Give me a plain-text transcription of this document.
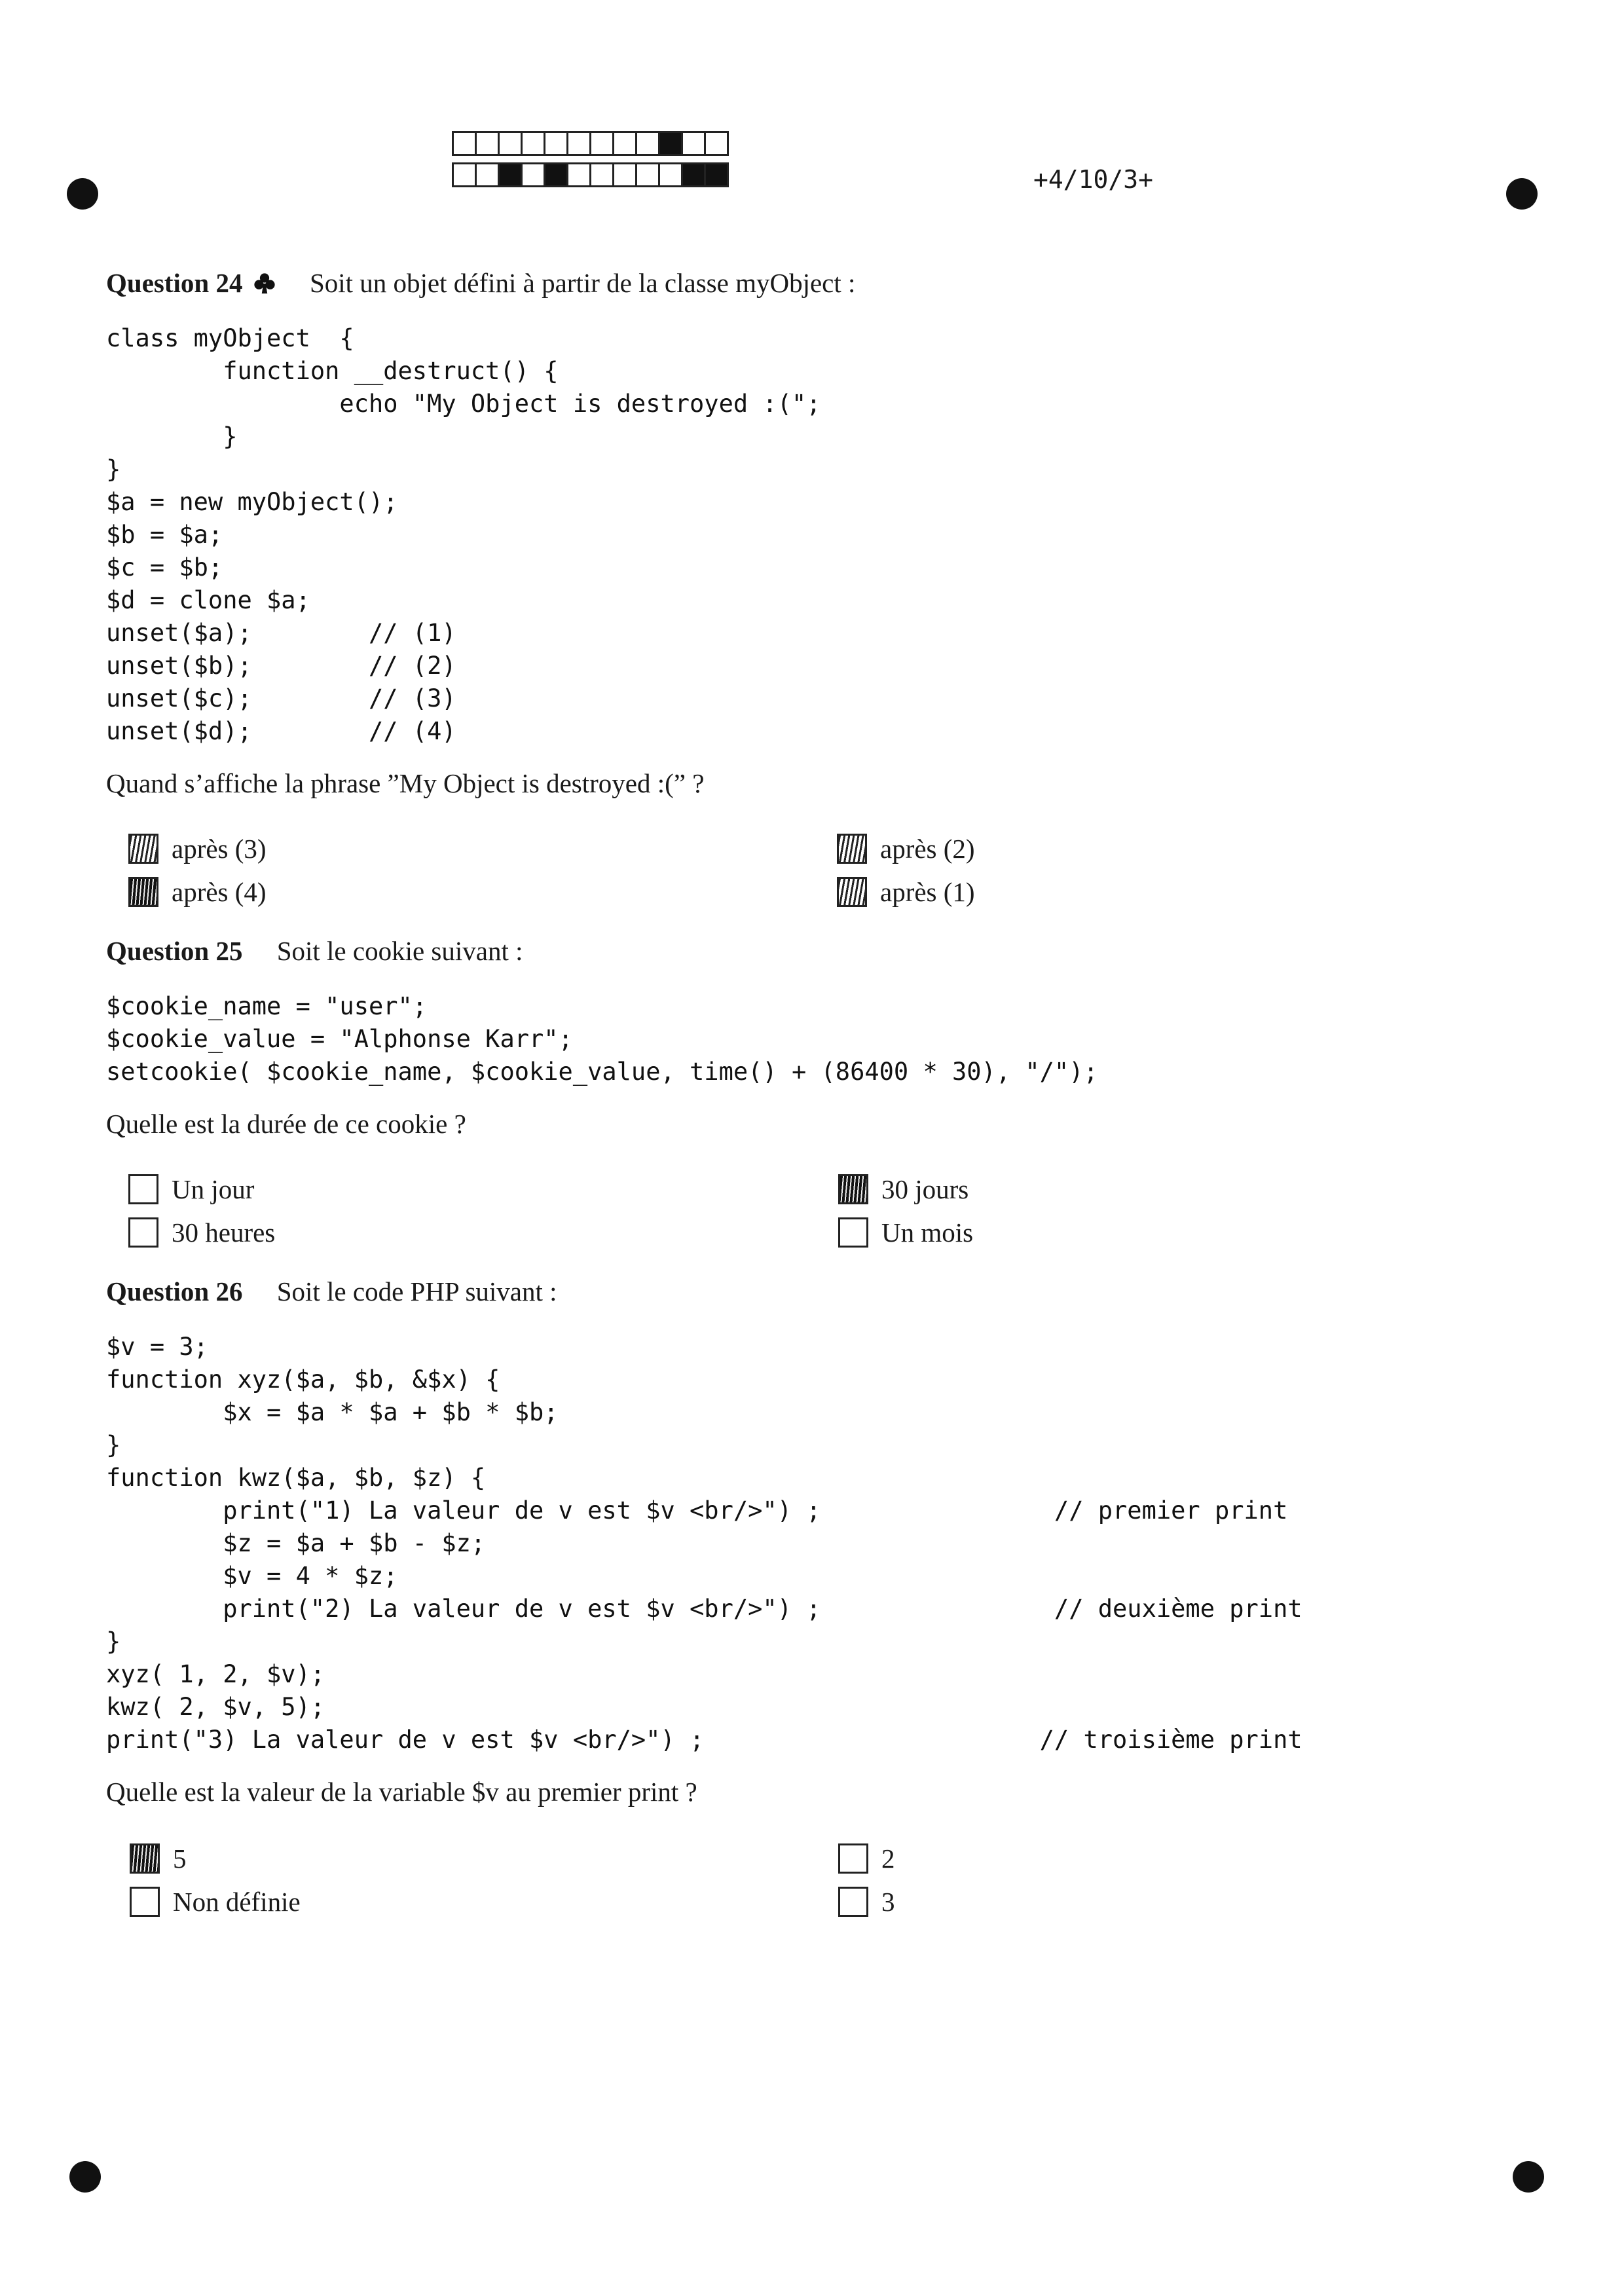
+4/10/3+
Question 24	Soit un objet défini à partir de la classe myObject :
class myObject  {
function __destruct() {
echo "My Object is destroyed :(";
}
}
$a = new myObject();
$b = $a;
$c = $b;
$d = clone $a;
unset($a);        // (1)
unset($b);        // (2)
unset($c);        // (3)
unset($d);        // (4)
Quand s’affiche la phrase ”My Object is destroyed :(” ?
après (3)	après (2)
après (4)	après (1)
Question 25 Soit le cookie suivant :
$cookie_name = "user";
$cookie_value = "Alphonse Karr";
setcookie( $cookie_name, $cookie_value, time() + (86400 * 30), "/");
Quelle est la durée de ce cookie ?
Un jour	30 jours
30 heures	Un mois
Question 26 Soit le code PHP suivant :
$v = 3;
function xyz($a, $b, &$x) {
$x = $a * $a + $b * $b;
}
function kwz($a, $b, $z) {
print("1) La valeur de v est $v <br/>") ;                // premier print
$z = $a + $b - $z;
$v = 4 * $z;
print("2) La valeur de v est $v <br/>") ;                // deuxième print
}
xyz( 1, 2, $v);
kwz( 2, $v, 5);
print("3) La valeur de v est $v <br/>") ;                       // troisième print
Quelle est la valeur de la variable $v au premier print ?
5	2
Non définie	3
